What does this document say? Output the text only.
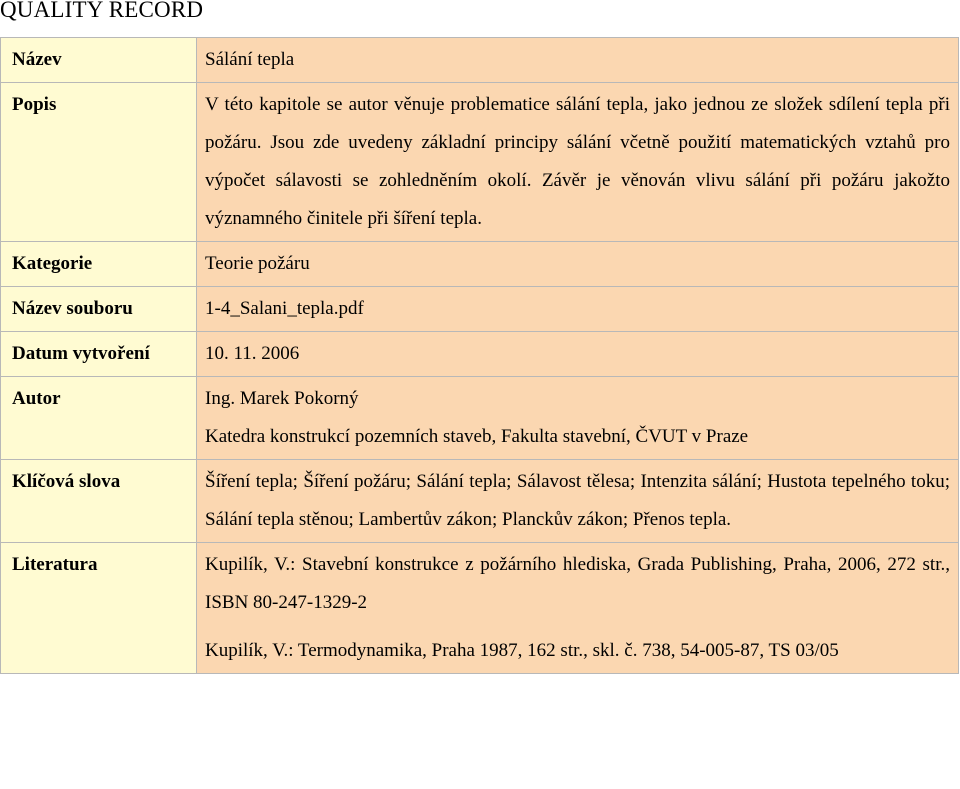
QUALITY RECORD
Název	Sálání tepla

Popis	V této kapitole se autor věnuje problematice sálání tepla, jako jednou ze složek sdílení tepla při požáru. Jsou zde uvedeny základní principy sálání včetně použití matematických vztahů pro výpočet sálavosti se zohledněním okolí. Závěr je věnován vlivu sálání při požáru jakožto významného činitele při šíření tepla.

Kategorie	Teorie požáru

Název souboru	1-4_Salani_tepla.pdf

Datum vytvoření	10. 11. 2006

Autor	Ing. Marek Pokorný
Katedra konstrukcí pozemních staveb, Fakulta stavební, ČVUT v Praze

Klíčová slova	Šíření tepla; Šíření požáru; Sálání tepla; Sálavost tělesa; Intenzita sálání; Hustota tepelného toku; Sálání tepla stěnou; Lambertův zákon; Planckův zákon; Přenos tepla.

Literatura	Kupilík, V.: Stavební konstrukce z požárního hlediska, Grada Publishing, Praha, 2006, 272 str., ISBN 80-247-1329-2
Kupilík, V.: Termodynamika, Praha 1987, 162 str., skl. č. 738, 54-005-87, TS 03/05
